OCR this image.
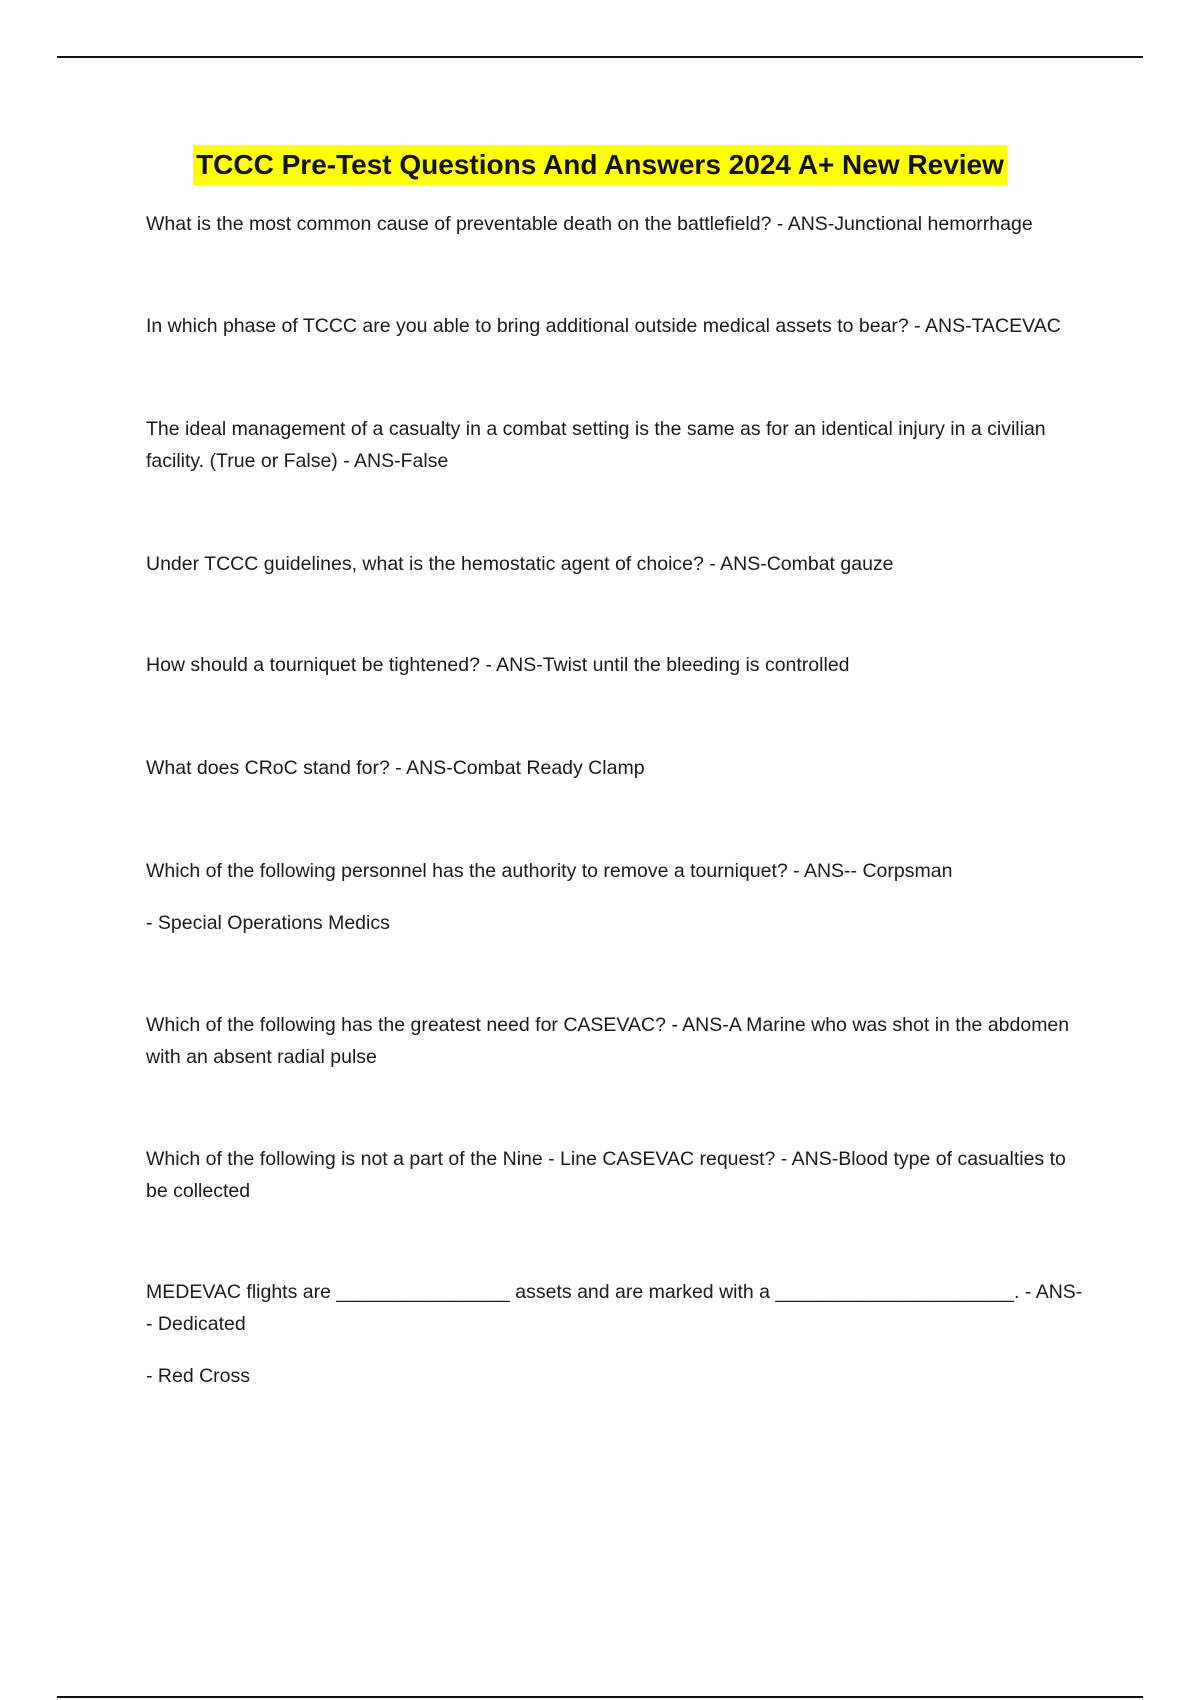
TCCC Pre-Test Questions And Answers 2024 A+ New Review

What is the most common cause of preventable death on the battlefield? - ANS-Junctional hemorrhage

In which phase of TCCC are you able to bring additional outside medical assets to bear? - ANS-TACEVAC

The ideal management of a casualty in a combat setting is the same as for an identical injury in a civilian facility. (True or False) - ANS-False

Under TCCC guidelines, what is the hemostatic agent of choice? - ANS-Combat gauze

How should a tourniquet be tightened? - ANS-Twist until the bleeding is controlled

What does CRoC stand for? - ANS-Combat Ready Clamp

Which of the following personnel has the authority to remove a tourniquet? - ANS-- Corpsman

- Special Operations Medics

Which of the following has the greatest need for CASEVAC? - ANS-A Marine who was shot in the abdomen with an absent radial pulse

Which of the following is not a part of the Nine - Line CASEVAC request? - ANS-Blood type of casualties to be collected

MEDEVAC flights are ________________ assets and are marked with a ______________________. - ANS-- Dedicated

- Red Cross
